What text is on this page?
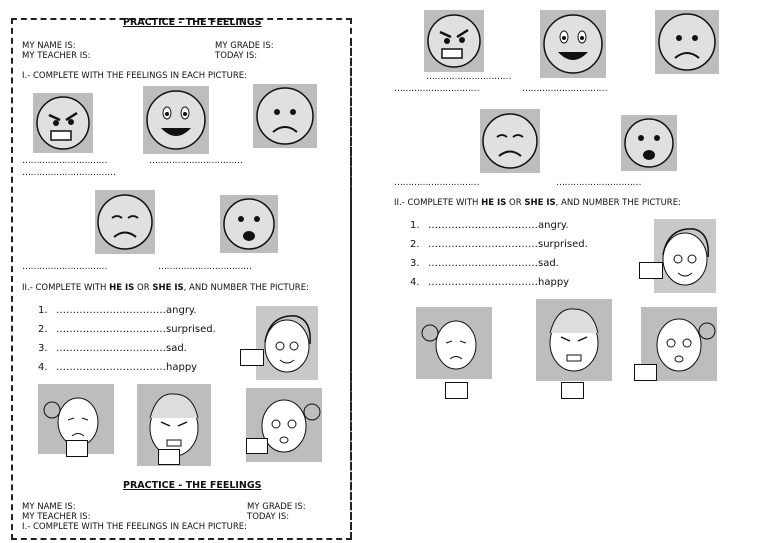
PRACTICE - THE FEELINGS
MY NAME IS:	MY GRADE IS:
MY TEACHER IS:	TODAY IS:
I.- COMPLETE WITH THE FEELINGS IN EACH PICTURE:
…………………………	……………………………
……………………………
…………………………	……………………………
II.- COMPLETE WITH HE IS OR SHE IS, AND NUMBER THE PICTURE:
1. ……………………………angry.
2. ……………………………surprised.
3. ……………………………sad.
4. ……………………………happy
PRACTICE - THE FEELINGS
MY NAME IS:	MY GRADE IS:
MY TEACHER IS:	TODAY IS:
I.- COMPLETE WITH THE FEELINGS IN EACH PICTURE:
…………………………
…………………………	…………………………
…………………………	…………………………
II.- COMPLETE WITH HE IS OR SHE IS, AND NUMBER THE PICTURE:
1. ……………………………angry.
2. ……………………………surprised.
3. ……………………………sad.
4. ……………………………happy
